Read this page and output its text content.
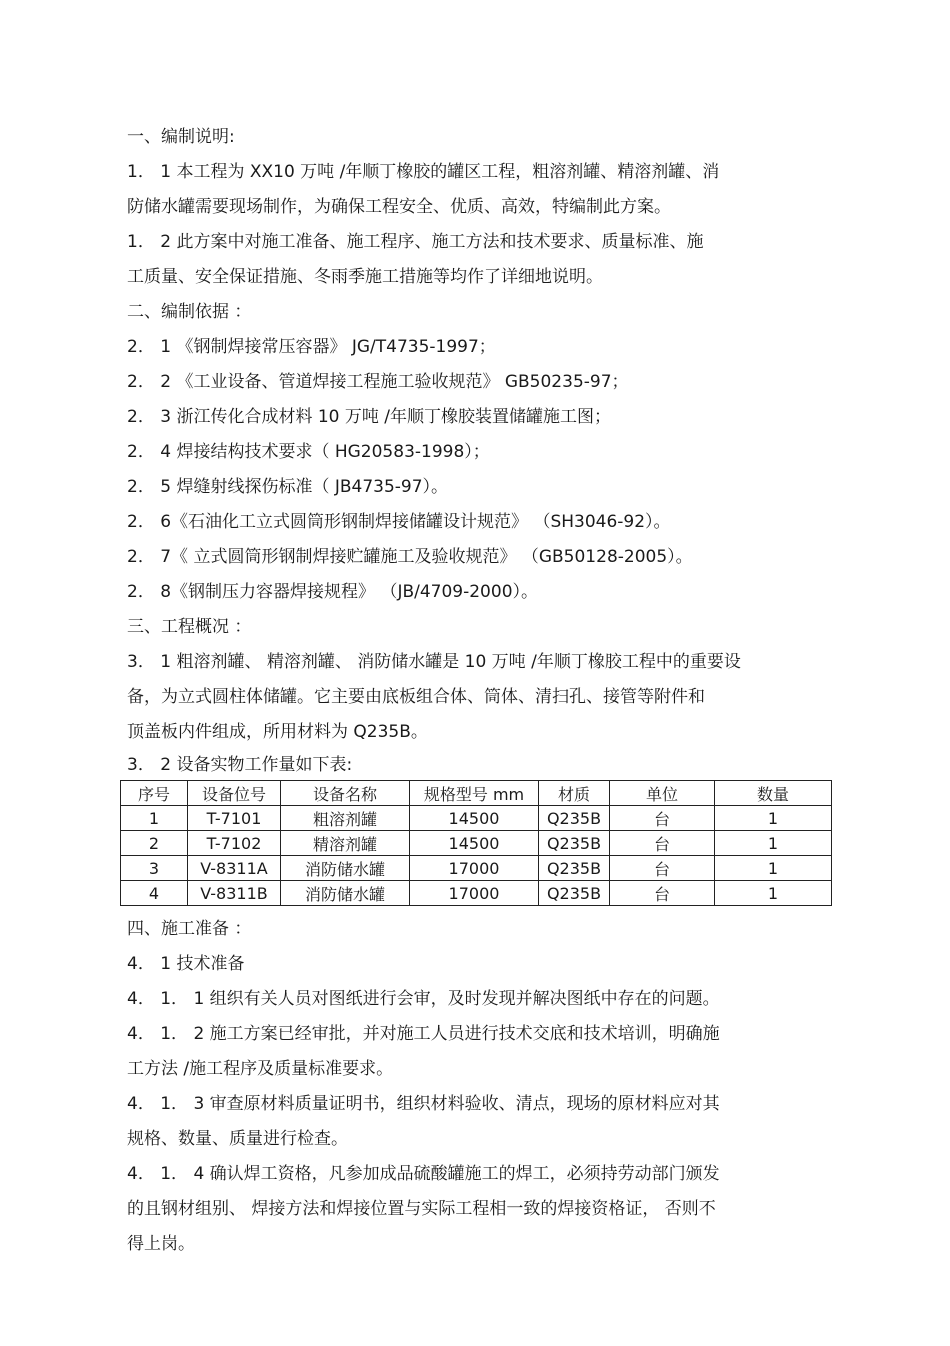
一、编制说明:
1． 1 本工程为 XX10 万吨 /年顺丁橡胶的罐区工程，粗溶剂罐、精溶剂罐、消
防储水罐需要现场制作，为确保工程安全、优质、高效，特编制此方案。
1． 2 此方案中对施工准备、施工程序、施工方法和技术要求、质量标准、施
工质量、安全保证措施、冬雨季施工措施等均作了详细地说明。
二、编制依据 ：
2． 1 《钢制焊接常压容器》 JG/T4735-1997；
2． 2 《工业设备、管道焊接工程施工验收规范》 GB50235-97；
2． 3 浙江传化合成材料 10 万吨 /年顺丁橡胶装置储罐施工图；
2． 4 焊接结构技术要求（ HG20583-1998）；
2． 5 焊缝射线探伤标准（ JB4735-97）。
2． 6《石油化工立式圆筒形钢制焊接储罐设计规范》 （SH3046-92）。
2． 7《 立式圆筒形钢制焊接贮罐施工及验收规范》 （GB50128-2005）。
2． 8《钢制压力容器焊接规程》 （JB/4709-2000）。
三、工程概况 ：
3． 1 粗溶剂罐、 精溶剂罐、 消防储水罐是 10 万吨 /年顺丁橡胶工程中的重要设
备，为立式圆柱体储罐。它主要由底板组合体、筒体、清扫孔、接管等附件和
顶盖板内件组成，所用材料为 Q235B。
3． 2 设备实物工作量如下表:
序号	设备位号	设备名称	规格型号 mm	材质	单位	数量
1	T-7101	粗溶剂罐	14500	Q235B	台	1
2	T-7102	精溶剂罐	14500	Q235B	台	1
3	V-8311A	消防储水罐	17000	Q235B	台	1
4	V-8311B	消防储水罐	17000	Q235B	台	1
四、施工准备 ：
4． 1 技术准备
4． 1． 1 组织有关人员对图纸进行会审，及时发现并解决图纸中存在的问题。
4． 1． 2 施工方案已经审批，并对施工人员进行技术交底和技术培训，明确施
工方法 /施工程序及质量标准要求。
4． 1． 3 审查原材料质量证明书，组织材料验收、清点，现场的原材料应对其
规格、数量、质量进行检查。
4． 1． 4 确认焊工资格，凡参加成品硫酸罐施工的焊工，必须持劳动部门颁发
的且钢材组别、 焊接方法和焊接位置与实际工程相一致的焊接资格证， 否则不
得上岗。
